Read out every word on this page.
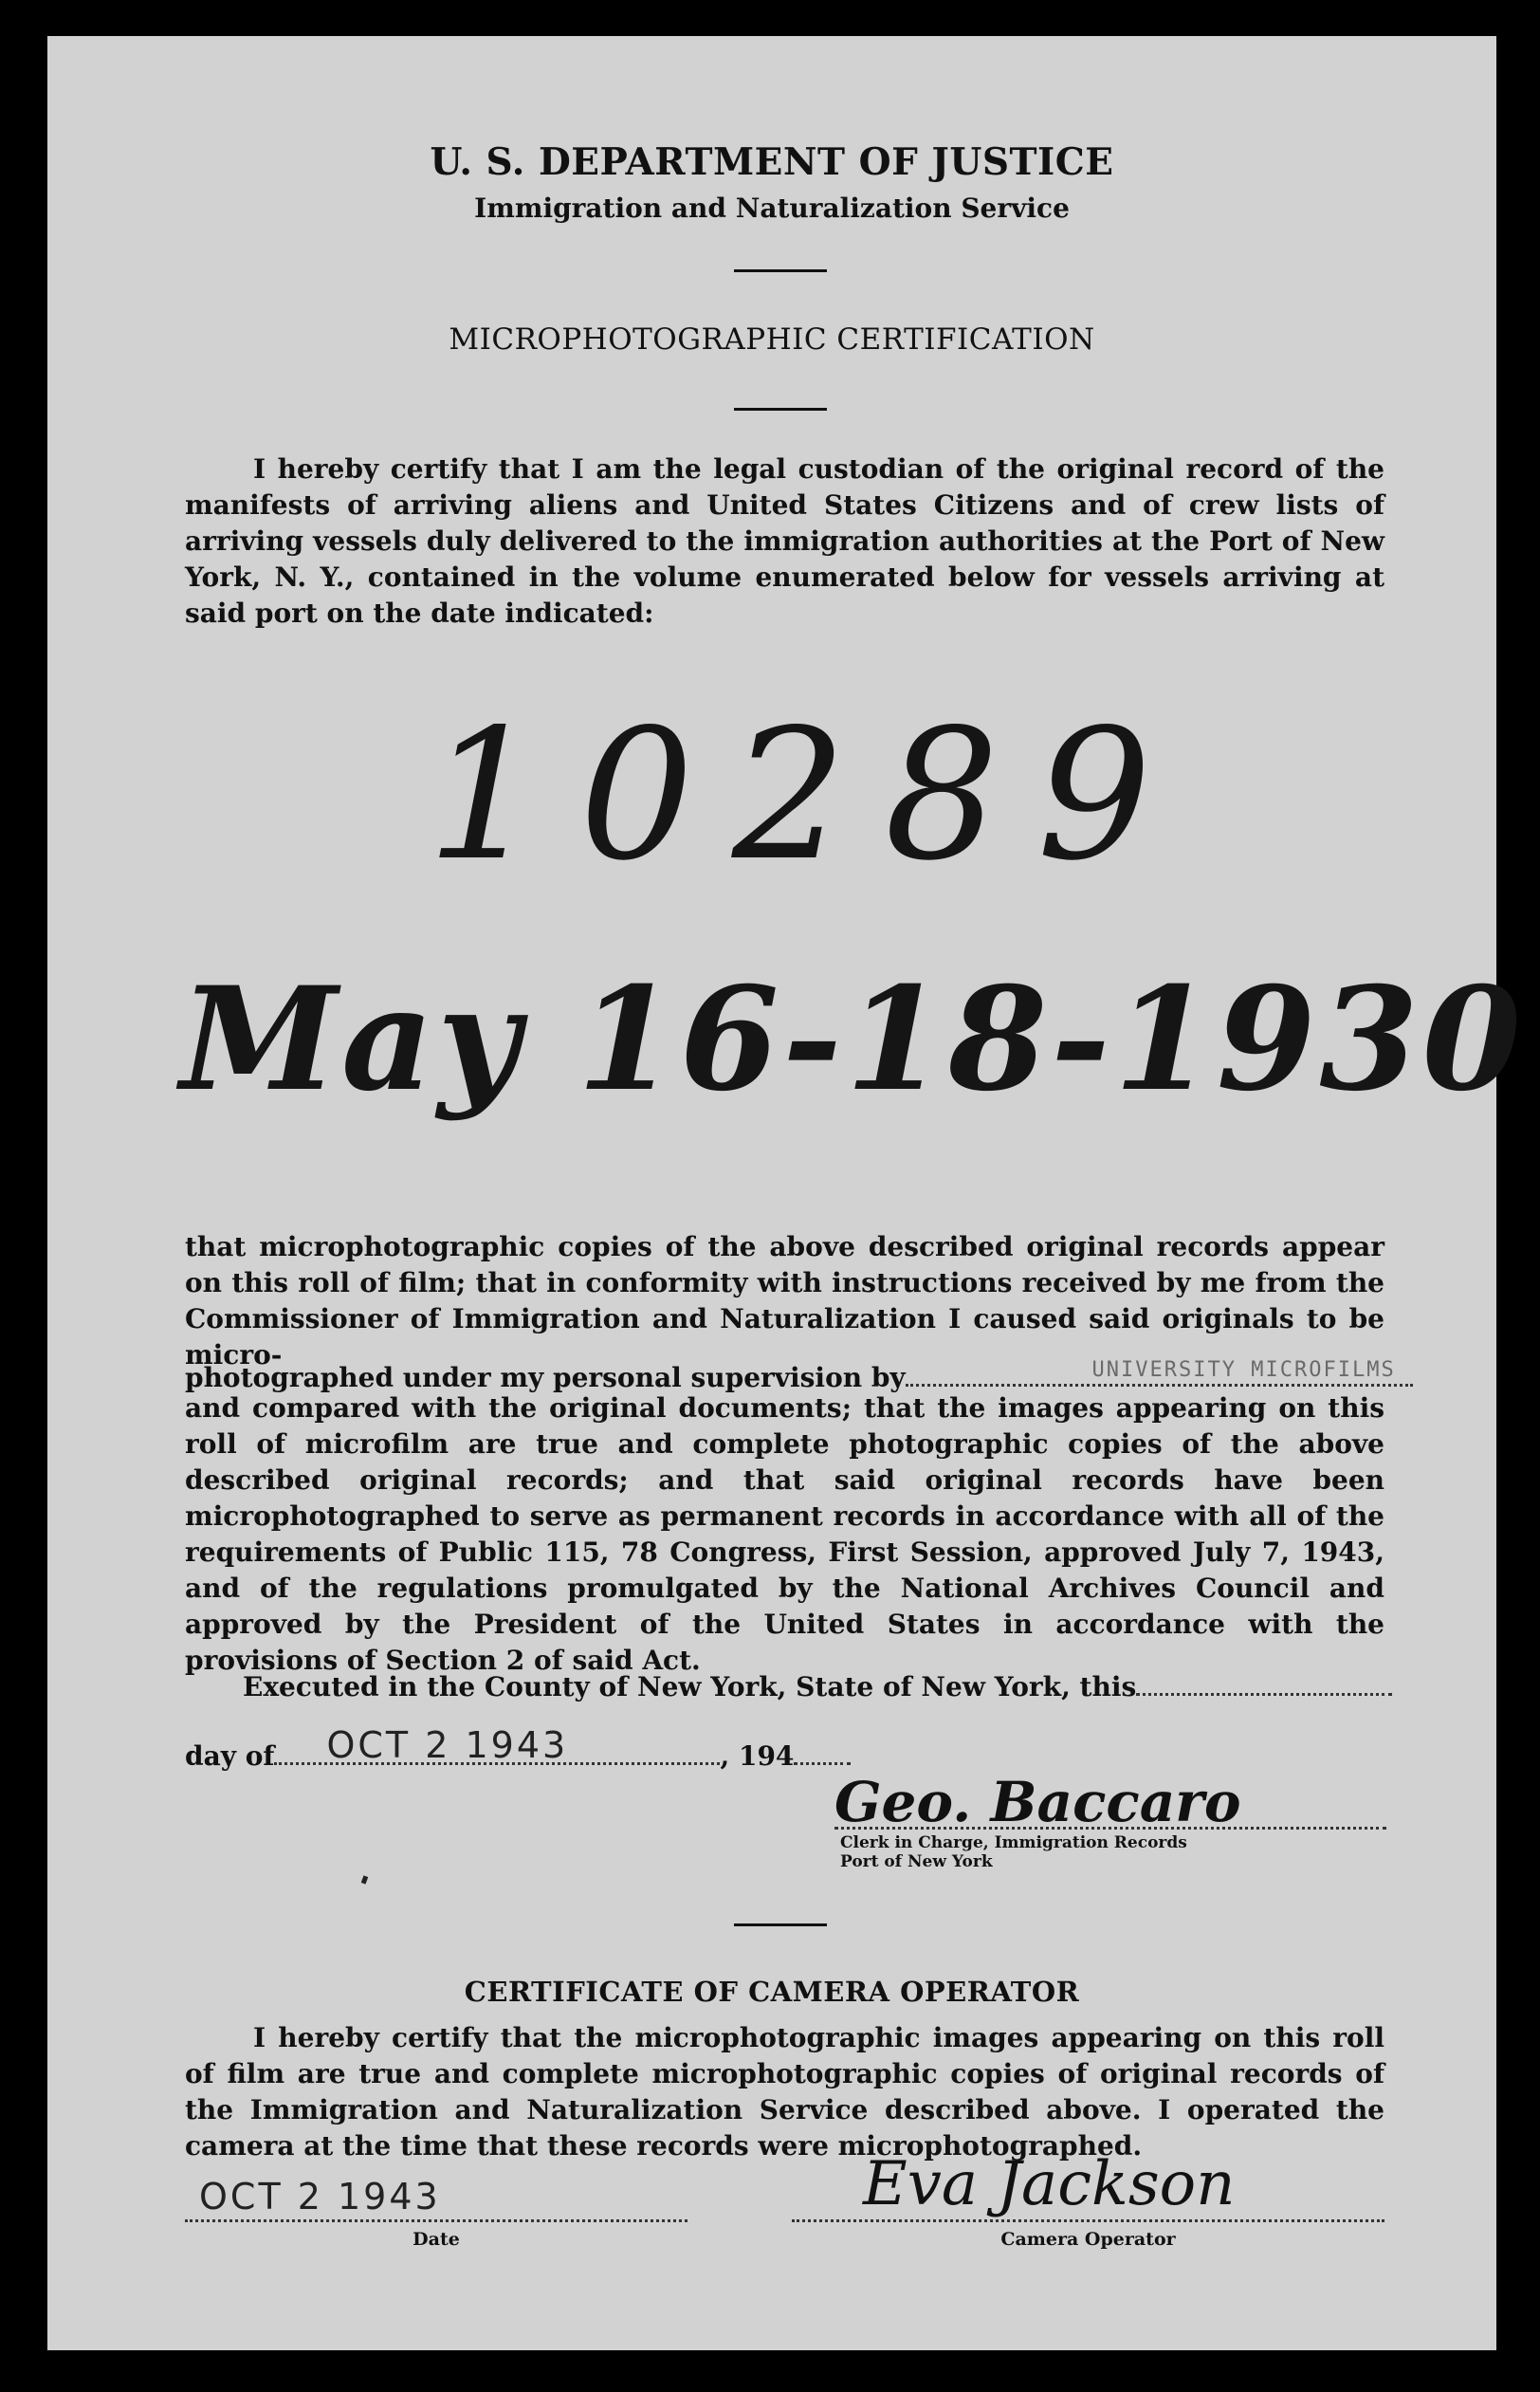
U. S. DEPARTMENT OF JUSTICE
Immigration and Naturalization Service
MICROPHOTOGRAPHIC CERTIFICATION
I hereby certify that I am the legal custodian of the original record of the manifests of arriving aliens and United States Citizens and of crew lists of arriving vessels duly delivered to the immigration authorities at the Port of New York, N. Y., contained in the volume enumerated below for vessels arriving at said port on the date indicated:
10289
May 16-18-1930
that microphotographic copies of the above described original records appear on this roll of film; that in conformity with instructions received by me from the Commissioner of Immigration and Naturalization I caused said originals to be micro-
photographed under my personal supervision by	UNIVERSITY MICROFILMS
and compared with the original documents; that the images appearing on this roll of microfilm are true and complete photographic copies of the above described original records; and that said original records have been microphotographed to serve as permanent records in accordance with all of the requirements of Public 115, 78 Congress, First Session, approved July 7, 1943, and of the regulations promulgated by the National Archives Council and approved by the President of the United States in accordance with the provisions of Section 2 of said Act.
Executed in the County of New York, State of New York, this
day of OCT 2 1943	, 194
Geo. Baccaro
Clerk in Charge, Immigration Records
Port of New York
CERTIFICATE OF CAMERA OPERATOR
I hereby certify that the microphotographic images appearing on this roll of film are true and complete microphotographic copies of original records of the Immigration and Naturalization Service described above. I operated the camera at the time that these records were microphotographed.
OCT 2 1943
Date
Eva Jackson
Camera Operator
